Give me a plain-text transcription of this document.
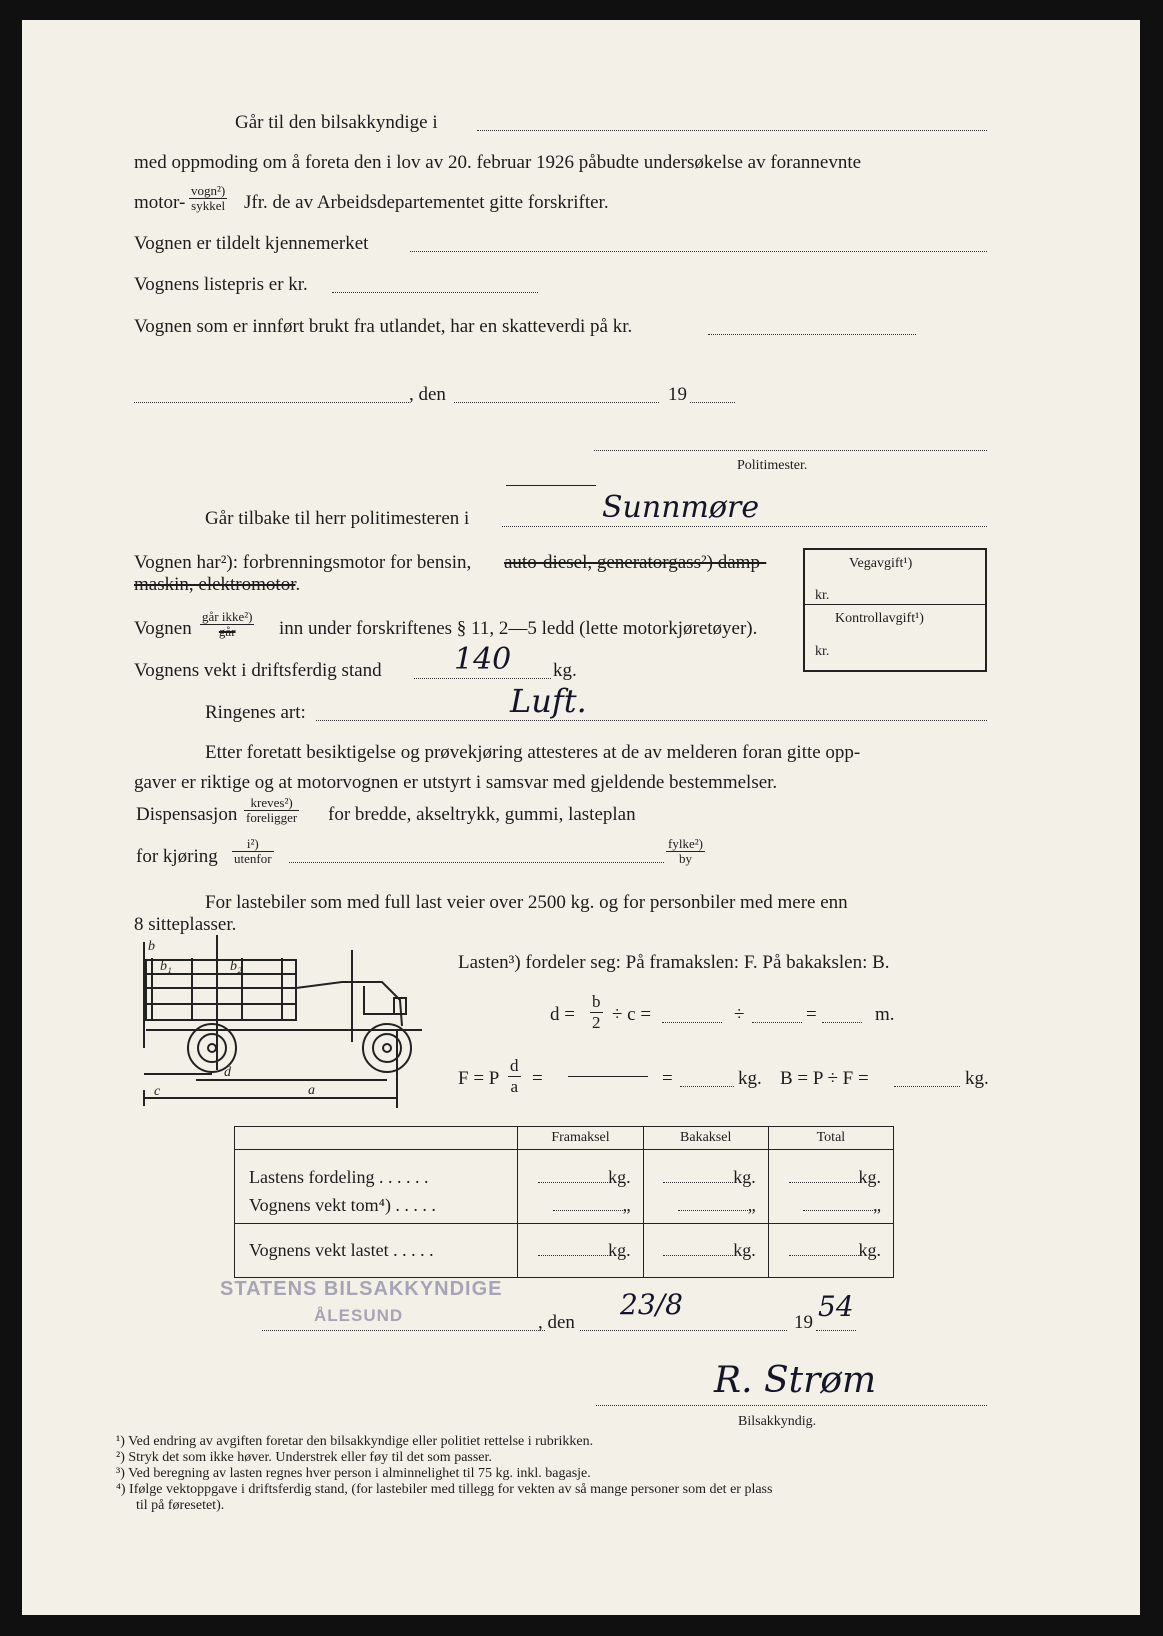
Går til den bilsakkyndige i
med oppmoding om å foreta den i lov av 20. februar 1926 påbudte undersøkelse av forannevnte
motor-
vogn²)
sykkel Jfr. de av Arbeidsdepartementet gitte forskrifter.
Vognen er tildelt kjennemerket
Vognens listepris er kr.
Vognen som er innført brukt fra utlandet, har en skatteverdi på kr.
, den	19
Politimester.
Går tilbake til herr politimesteren i	Sunnmøre
Vognen har²): forbrenningsmotor for bensin, auto-diesel, generatorgass²) damp-
maskin, elektromotor.
Vognen
går ikke²)
går	inn under forskriftenes § 11, 2—5 ledd (lette motorkjøretøyer).
Vognens vekt i driftsferdig stand 140 kg.
Ringenes art:	Luft.
Vegavgift¹)
kr.
Kontrollavgift¹)
kr.
Etter foretatt besiktigelse og prøvekjøring attesteres at de av melderen foran gitte opp-
gaver er riktige og at motorvognen er utstyrt i samsvar med gjeldende bestemmelser.
Dispensasjon
kreves²)
foreligger for bredde, akseltrykk, gummi, lasteplan
for kjøring
i²)
utenfor
fylke²)
by
For lastebiler som med full last veier over 2500 kg. og for personbiler med mere enn
8 sitteplasser.
b
b₁	b₂
c
d
a
Lasten³) fordeler seg: På framakslen: F. På bakakslen: B.
$d = \frac{b}{2} \div c$ =	÷	=	m.
F = P $\frac{d}{a}$ =	=	kg. B = P ÷ F =	kg.
	Framaksel	Bakaksel	Total
Lastens fordeling . . . . . .	kg.	kg.	kg.
Vognens vekt tom⁴) . . . . .	„	„	„
Vognens vekt lastet . . . . .	kg.	kg.	kg.
STATENS BILSAKKYNDIGE
ÅLESUND	, den
23/8
19 54
R. Strøm
Bilsakkyndig.
¹) Ved endring av avgiften foretar den bilsakkyndige eller politiet rettelse i rubrikken.
²) Stryk det som ikke høver. Understrek eller føy til det som passer.
³) Ved beregning av lasten regnes hver person i alminnelighet til 75 kg. inkl. bagasje.
⁴) Ifølge vektoppgave i driftsferdig stand, (for lastebiler med tillegg for vekten av så mange personer som det er plass
til på føresetet).
